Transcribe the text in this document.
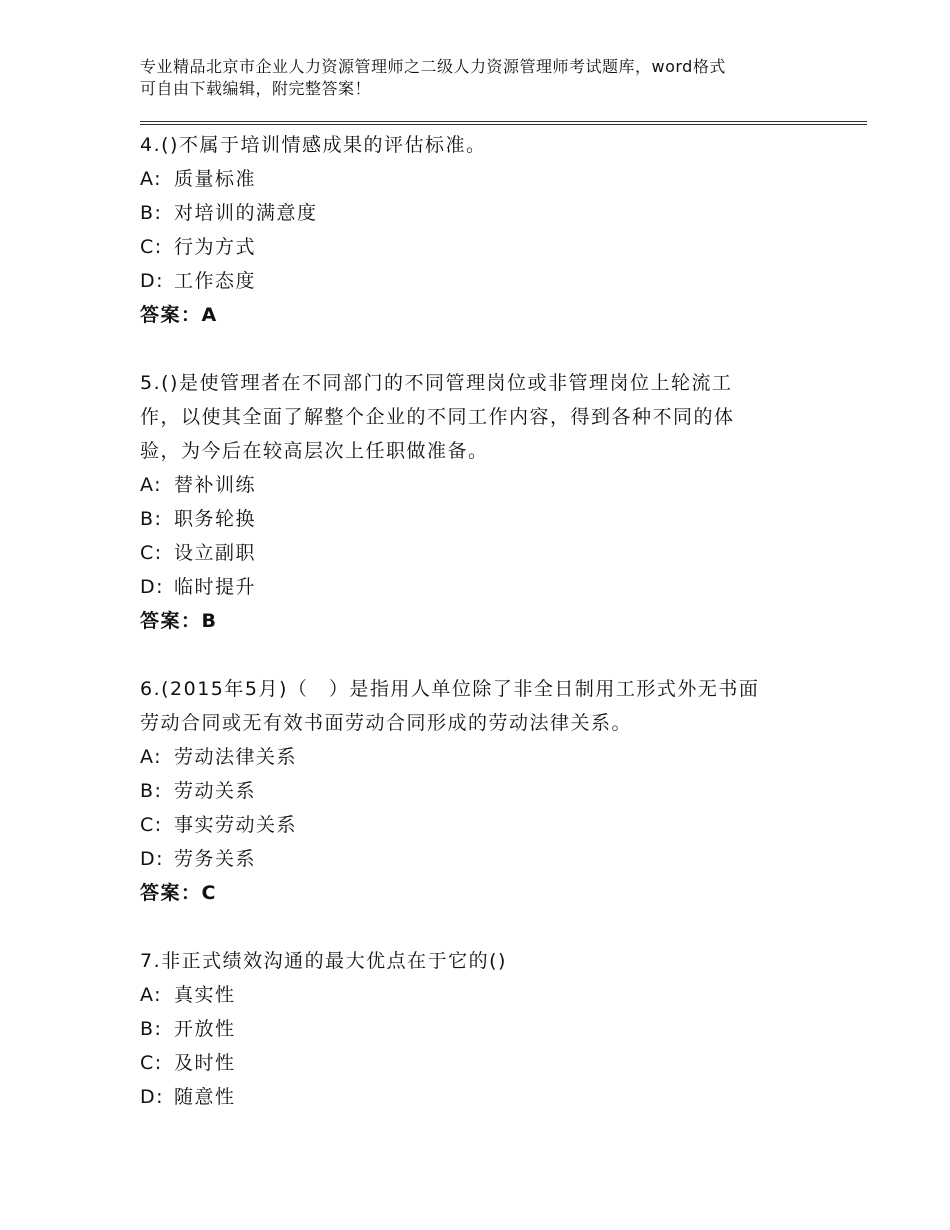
专业精品北京市企业人力资源管理师之二级人力资源管理师考试题库，word格式
可自由下载编辑，附完整答案！
4.()不属于培训情感成果的评估标准。
A: 质量标准
B: 对培训的满意度
C: 行为方式
D: 工作态度
答案：A
5.()是使管理者在不同部门的不同管理岗位或非管理岗位上轮流工
作，以使其全面了解整个企业的不同工作内容，得到各种不同的体
验，为今后在较高层次上任职做准备。
A: 替补训练
B: 职务轮换
C: 设立副职
D: 临时提升
答案：B
6.(2015年5月)（　）是指用人单位除了非全日制用工形式外无书面
劳动合同或无有效书面劳动合同形成的劳动法律关系。
A: 劳动法律关系
B: 劳动关系
C: 事实劳动关系
D: 劳务关系
答案：C
7.非正式绩效沟通的最大优点在于它的()
A: 真实性
B: 开放性
C: 及时性
D: 随意性
